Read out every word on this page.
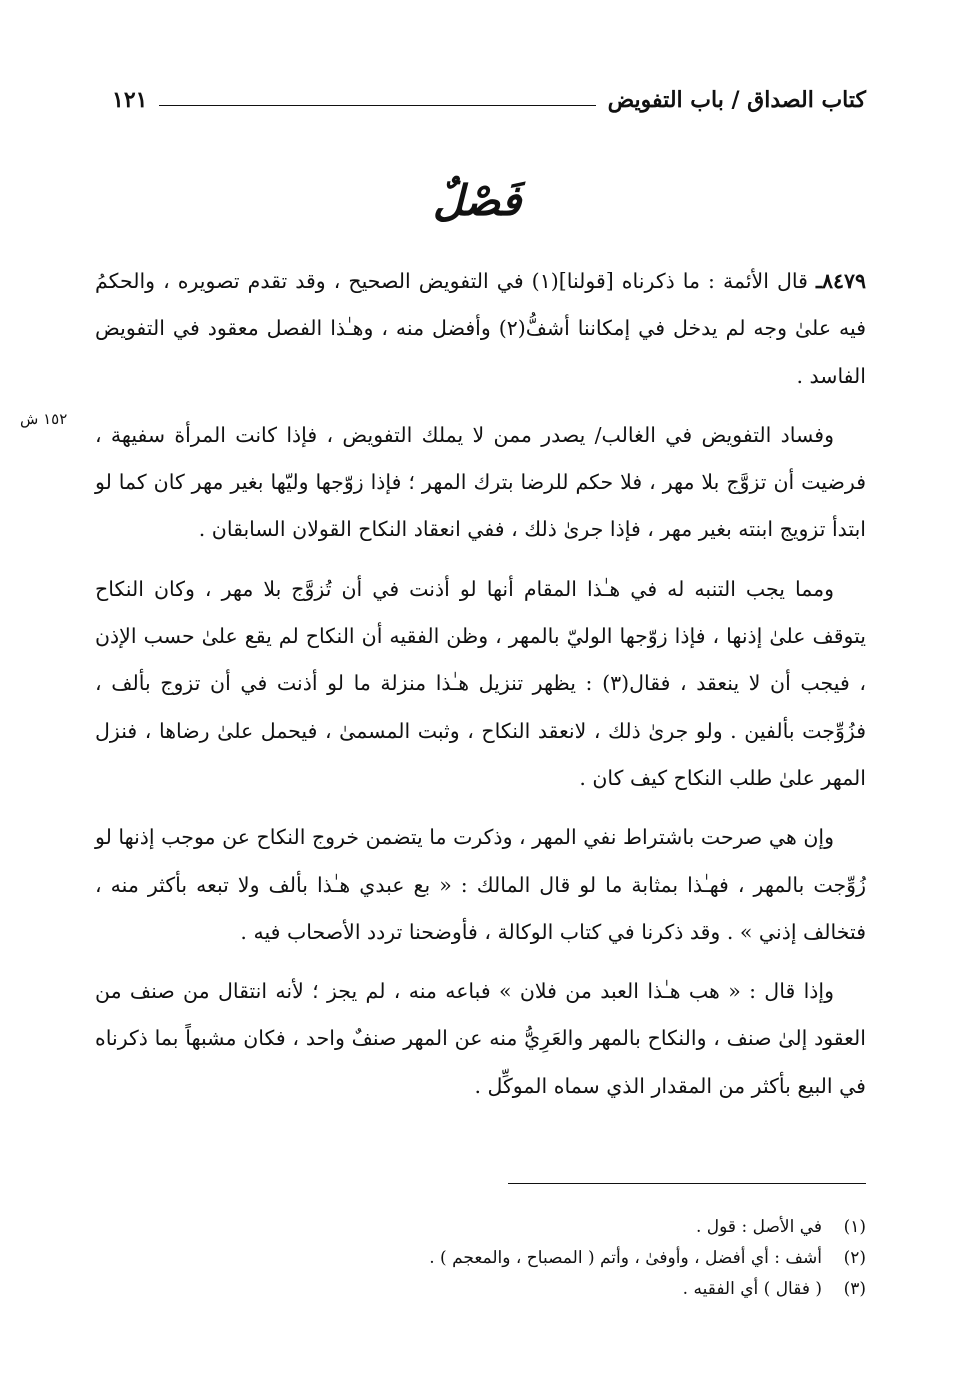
كتاب الصداق / باب التفويض
١٢١
فَصْلٌ
١٥٢ ش

٨٤٧٩ـ قال الأئمة : ما ذكرناه [قولنا](١) في التفويض الصحيح ، وقد تقدم تصويره ، والحكمُ فيه علىٰ وجه لم يدخل في إمكاننا أشفُّ(٢) وأفضل منه ، وهـٰذا الفصل معقود في التفويض الفاسد .

وفساد التفويض في الغالب/ يصدر ممن لا يملك التفويض ، فإذا كانت المرأة سفيهة ، فرضيت أن تزوَّج بلا مهر ، فلا حكم للرضا بترك المهر ؛ فإذا زوّجها وليّها بغير مهر كان كما لو ابتدأ تزويج ابنته بغير مهر ، فإذا جرىٰ ذلك ، ففي انعقاد النكاح القولان السابقان .

ومما يجب التنبه له في هـٰذا المقام أنها لو أذنت في أن تُزوَّج بلا مهر ، وكان النكاح يتوقف علىٰ إذنها ، فإذا زوّجها الوليّ بالمهر ، وظن الفقيه أن النكاح لم يقع علىٰ حسب الإذن ، فيجب أن لا ينعقد ، فقال(٣) : يظهر تنزيل هـٰذا منزلة ما لو أذنت في أن تزوج بألف ، فزُوِّجت بألفين . ولو جرىٰ ذلك ، لانعقد النكاح ، وثبت المسمىٰ ، فيحمل علىٰ رضاها ، فنزل المهر علىٰ طلب النكاح كيف كان .

وإن هي صرحت باشتراط نفي المهر ، وذكرت ما يتضمن خروج النكاح عن موجب إذنها لو زُوِّجت بالمهر ، فهـٰذا بمثابة ما لو قال المالك : « بع عبدي هـٰذا بألف ولا تبعه بأكثر منه ، فتخالف إذني » . وقد ذكرنا في كتاب الوكالة ، فأوضحنا تردد الأصحاب فيه .

وإذا قال : « هب هـٰذا العبد من فلان » فباعه منه ، لم يجز ؛ لأنه انتقال من صنف من العقود إلىٰ صنف ، والنكاح بالمهر والعَرِيُّ منه عن المهر صنفٌ واحد ، فكان مشبهاً بما ذكرناه في البيع بأكثر من المقدار الذي سماه الموكِّل .

(١)
في الأصل : قول .
(٢)
أشف : أي أفضل ، وأوفىٰ ، وأتم ( المصباح ، والمعجم ) .
(٣)
( فقال ) أي الفقيه .
